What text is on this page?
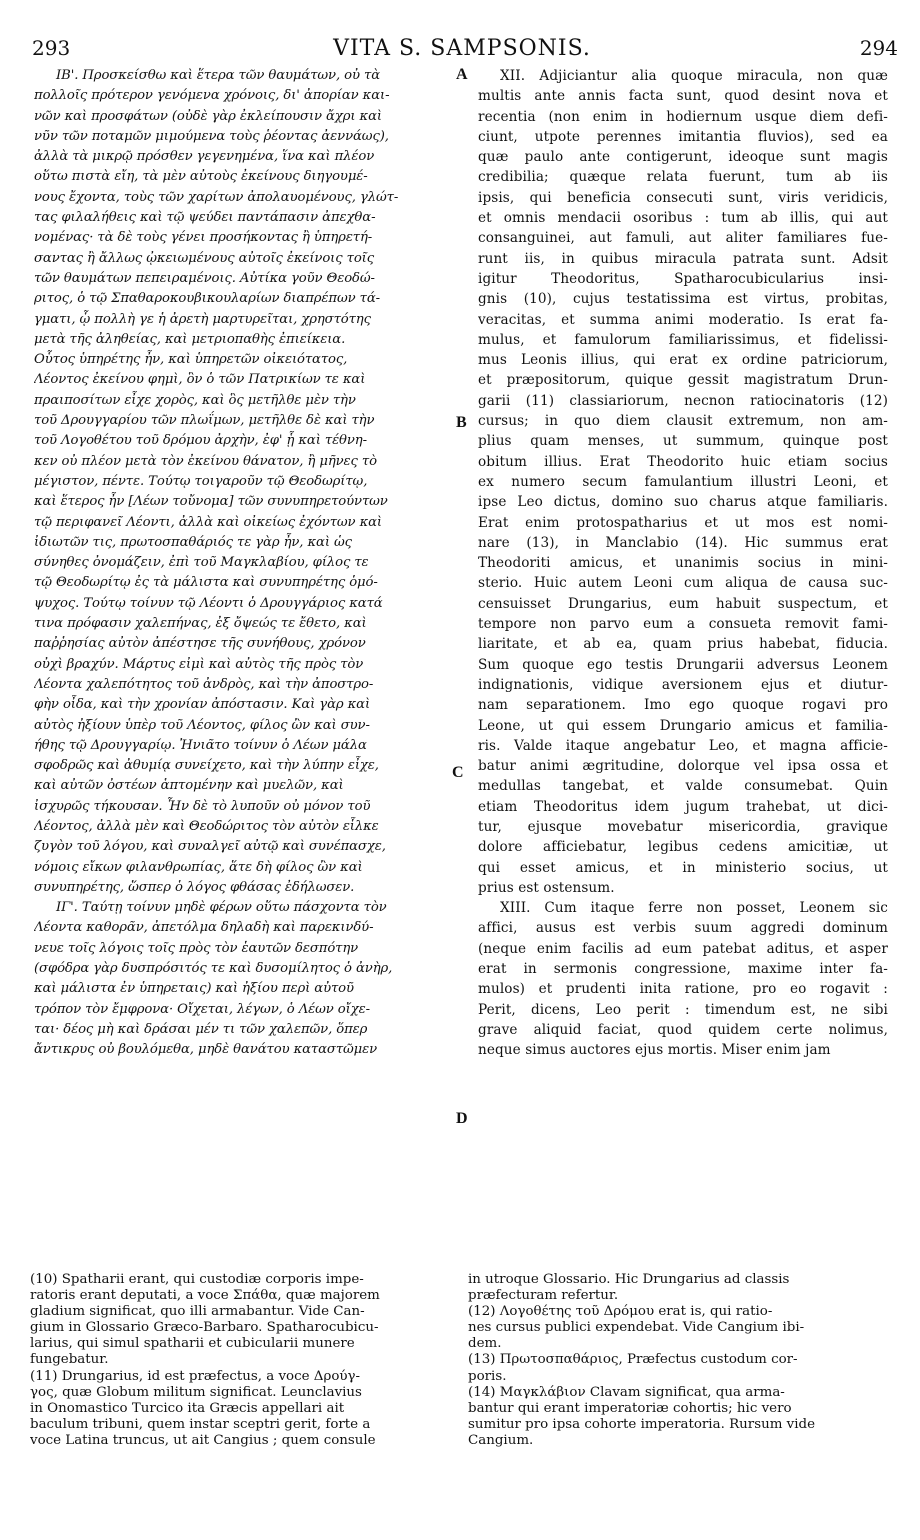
293	VITA S. SAMPSONIS.	294
IB'. Προσκείσθω καὶ ἕτερα τῶν θαυμάτων, οὐ τὰ
πολλοῖς πρότερον γενόμενα χρόνοις, δι' ἀπορίαν και-
νῶν καὶ προσφάτων (οὐδὲ γὰρ ἐκλείπουσιν ἄχρι καὶ
νῦν τῶν ποταμῶν μιμούμενα τοὺς ῥέοντας ἀεννάως),
ἀλλὰ τὰ μικρῷ πρόσθεν γεγενημένα, ἵνα καὶ πλέον
οὕτω πιστὰ εἴη, τὰ μὲν αὐτοὺς ἐκείνους διηγουμέ-
νους ἔχοντα, τοὺς τῶν χαρίτων ἀπολαυομένους, γλώτ-
τας φιλαλήθεις καὶ τῷ ψεύδει παντάπασιν ἀπεχθα-
νομένας· τὰ δὲ τοὺς γένει προσήκοντας ἢ ὑπηρετή-
σαντας ἢ ἄλλως ᾠκειωμένους αὐτοῖς ἐκείνοις τοῖς
τῶν θαυμάτων πεπειραμένοις. Αὐτίκα γοῦν Θεοδώ-
ριτος, ὁ τῷ Σπαθαροκουβικουλαρίων διαπρέπων τά-
γματι, ᾧ πολλὴ γε ἡ ἀρετὴ μαρτυρεῖται, χρηστότης
μετὰ τῆς ἀληθείας, καὶ μετριοπαθὴς ἐπιείκεια.
Οὗτος ὑπηρέτης ἦν, καὶ ὑπηρετῶν οἰκειότατος,
Λέοντος ἐκείνου φημὶ, ὃν ὁ τῶν Πατρικίων τε καὶ
πραιποσίτων εἶχε χορὸς, καὶ ὃς μετῆλθε μὲν τὴν
τοῦ Δρουγγαρίου τῶν πλωΐμων, μετῆλθε δὲ καὶ τὴν
τοῦ Λογοθέτου τοῦ δρόμου ἀρχὴν, ἐφ' ᾗ καὶ τέθνη-
κεν οὐ πλέον μετὰ τὸν ἐκείνου θάνατον, ἢ μῆνες τὸ
μέγιστον, πέντε. Τούτῳ τοιγαροῦν τῷ Θεοδωρίτῳ,
καὶ ἕτερος ἦν [Λέων τοὔνομα] τῶν συνυπηρετούντων
τῷ περιφανεῖ Λέοντι, ἀλλὰ καὶ οἰκείως ἐχόντων καὶ
ἰδιωτῶν τις, πρωτοσπαθάριός τε γὰρ ἦν, καὶ ὡς
σύνηθες ὀνομάζειν, ἐπὶ τοῦ Μαγκλαβίου, φίλος τε
τῷ Θεοδωρίτῳ ἐς τὰ μάλιστα καὶ συνυπηρέτης ὁμό-
ψυχος. Τούτῳ τοίνυν τῷ Λέοντι ὁ Δρουγγάριος κατά
τινα πρόφασιν χαλεπήνας, ἐξ ὄψεώς τε ἔθετο, καὶ
παῤῥησίας αὐτὸν ἀπέστησε τῆς συνήθους, χρόνον
οὐχὶ βραχύν. Μάρτυς εἰμὶ καὶ αὐτὸς τῆς πρὸς τὸν
Λέοντα χαλεπότητος τοῦ ἀνδρὸς, καὶ τὴν ἀποστρο-
φὴν οἶδα, καὶ τὴν χρονίαν ἀπόστασιν. Καὶ γὰρ καὶ
αὐτὸς ἠξίουν ὑπὲρ τοῦ Λέοντος, φίλος ὢν καὶ συν-
ήθης τῷ Δρουγγαρίῳ. Ἠνιᾶτο τοίνυν ὁ Λέων μάλα
σφοδρῶς καὶ ἀθυμίᾳ συνείχετο, καὶ τὴν λύπην εἶχε,
καὶ αὐτῶν ὀστέων ἁπτομένην καὶ μυελῶν, καὶ
ἰσχυρῶς τήκουσαν. Ἦν δὲ τὸ λυποῦν οὐ μόνον τοῦ
Λέοντος, ἀλλὰ μὲν καὶ Θεοδώριτος τὸν αὐτὸν εἷλκε
ζυγὸν τοῦ λόγου, καὶ συναλγεῖ αὐτῷ καὶ συνέπασχε,
νόμοις εἴκων φιλανθρωπίας, ἅτε δὴ φίλος ὢν καὶ
συνυπηρέτης, ὥσπερ ὁ λόγος φθάσας ἐδήλωσεν.
ΙΓ'. Ταύτῃ τοίνυν μηδὲ φέρων οὕτω πάσχοντα τὸν
Λέοντα καθορᾶν, ἀπετόλμα δηλαδὴ καὶ παρεκινδύ-
νευε τοῖς λόγοις τοῖς πρὸς τὸν ἑαυτῶν δεσπότην
(σφόδρα γὰρ δυσπρόσιτός τε καὶ δυσομίλητος ὁ ἀνὴρ,
καὶ μάλιστα ἐν ὑπηρεταις) καὶ ἠξίου περὶ αὐτοῦ
τρόπον τὸν ἔμφρονα· Οἴχεται, λέγων, ὁ Λέων οἴχε-
ται· δέος μὴ καὶ δράσαι μέν τι τῶν χαλεπῶν, ὅπερ
ἄντικρυς οὐ βουλόμεθα, μηδὲ θανάτου καταστῶμεν
XII. Adjiciantur alia quoque miracula, non quæ
multis ante annis facta sunt, quod desint nova et
recentia (non enim in hodiernum usque diem defi-
ciunt, utpote perennes imitantia fluvios), sed ea
quæ paulo ante contigerunt, ideoque sunt magis
credibilia; quæque relata fuerunt, tum ab iis
ipsis, qui beneficia consecuti sunt, viris veridicis,
et omnis mendacii osoribus : tum ab illis, qui aut
consanguinei, aut famuli, aut aliter familiares fue-
runt iis, in quibus miracula patrata sunt. Adsit
igitur Theodoritus, Spatharocubicularius insi-
gnis (10), cujus testatissima est virtus, probitas,
veracitas, et summa animi moderatio. Is erat fa-
mulus, et famulorum familiarissimus, et fidelissi-
mus Leonis illius, qui erat ex ordine patriciorum,
et præpositorum, quique gessit magistratum Drun-
garii (11) classiariorum, necnon ratiocinatoris (12)
cursus; in quo diem clausit extremum, non am-
plius quam menses, ut summum, quinque post
obitum illius. Erat Theodorito huic etiam socius
ex numero secum famulantium illustri Leoni, et
ipse Leo dictus, domino suo charus atque familiaris.
Erat enim protospatharius et ut mos est nomi-
nare (13), in Manclabio (14). Hic summus erat
Theodoriti amicus, et unanimis socius in mini-
sterio. Huic autem Leoni cum aliqua de causa suc-
censuisset Drungarius, eum habuit suspectum, et
tempore non parvo eum a consueta removit fami-
liaritate, et ab ea, quam prius habebat, fiducia.
Sum quoque ego testis Drungarii adversus Leonem
indignationis, vidique aversionem ejus et diutur-
nam separationem. Imo ego quoque rogavi pro
Leone, ut qui essem Drungario amicus et familia-
ris. Valde itaque angebatur Leo, et magna afficie-
batur animi ægritudine, dolorque vel ipsa ossa et
medullas tangebat, et valde consumebat. Quin
etiam Theodoritus idem jugum trahebat, ut dici-
tur, ejusque movebatur misericordia, gravique
dolore afficiebatur, legibus cedens amicitiæ, ut
qui esset amicus, et in ministerio socius, ut
prius est ostensum.
XIII. Cum itaque ferre non posset, Leonem sic
affici, ausus est verbis suum aggredi dominum
(neque enim facilis ad eum patebat aditus, et asper
erat in sermonis congressione, maxime inter fa-
mulos) et prudenti inita ratione, pro eo rogavit :
Perit, dicens, Leo perit : timendum est, ne sibi
grave aliquid faciat, quod quidem certe nolimus,
neque simus auctores ejus mortis. Miser enim jam
A
B
C
D
(10) Spatharii erant, qui custodiæ corporis impe-
ratoris erant deputati, a voce Σπάθα, quæ majorem
gladium significat, quo illi armabantur. Vide Can-
gium in Glossario Græco-Barbaro. Spatharocubicu-
larius, qui simul spatharii et cubicularii munere
fungebatur.
(11) Drungarius, id est præfectus, a voce Δρούγ-
γος, quæ Globum militum significat. Leunclavius
in Onomastico Turcico ita Græcis appellari ait
baculum tribuni, quem instar sceptri gerit, forte a
voce Latina truncus, ut ait Cangius ; quem consule
in utroque Glossario. Hic Drungarius ad classis
præfecturam refertur.
(12) Λογοθέτης τοῦ Δρόμου erat is, qui ratio-
nes cursus publici expendebat. Vide Cangium ibi-
dem.
(13) Πρωτοσπαθάριος, Præfectus custodum cor-
poris.
(14) Μαγκλάβιον Clavam significat, qua arma-
bantur qui erant imperatoriæ cohortis; hic vero
sumitur pro ipsa cohorte imperatoria. Rursum vide
Cangium.
